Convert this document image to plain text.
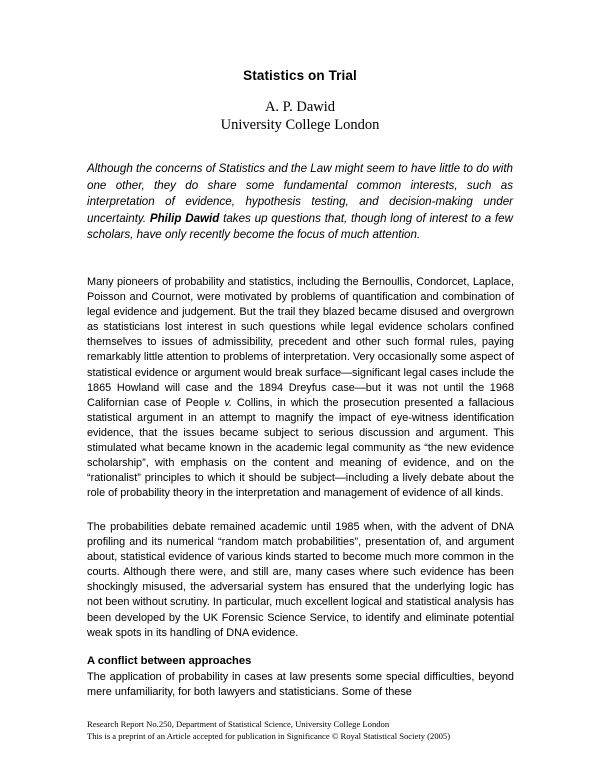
Statistics on Trial
A. P. Dawid
University College London
Although the concerns of Statistics and the Law might seem to have little to do with one other, they do share some fundamental common interests, such as interpretation of evidence, hypothesis testing, and decision-making under uncertainty. Philip Dawid takes up questions that, though long of interest to a few scholars, have only recently become the focus of much attention.
Many pioneers of probability and statistics, including the Bernoullis, Condorcet, Laplace, Poisson and Cournot, were motivated by problems of quantification and combination of legal evidence and judgement. But the trail they blazed became disused and overgrown as statisticians lost interest in such questions while legal evidence scholars confined themselves to issues of admissibility, precedent and other such formal rules, paying remarkably little attention to problems of interpretation. Very occasionally some aspect of statistical evidence or argument would break surface—significant legal cases include the 1865 Howland will case and the 1894 Dreyfus case—but it was not until the 1968 Californian case of People v. Collins, in which the prosecution presented a fallacious statistical argument in an attempt to magnify the impact of eye-witness identification evidence, that the issues became subject to serious discussion and argument. This stimulated what became known in the academic legal community as “the new evidence scholarship”, with emphasis on the content and meaning of evidence, and on the “rationalist” principles to which it should be subject—including a lively debate about the role of probability theory in the interpretation and management of evidence of all kinds.
The probabilities debate remained academic until 1985 when, with the advent of DNA profiling and its numerical “random match probabilities”, presentation of, and argument about, statistical evidence of various kinds started to become much more common in the courts. Although there were, and still are, many cases where such evidence has been shockingly misused, the adversarial system has ensured that the underlying logic has not been without scrutiny. In particular, much excellent logical and statistical analysis has been developed by the UK Forensic Science Service, to identify and eliminate potential weak spots in its handling of DNA evidence.
A conflict between approaches
The application of probability in cases at law presents some special difficulties, beyond mere unfamiliarity, for both lawyers and statisticians. Some of these
Research Report No.250, Department of Statistical Science, University College London
This is a preprint of an Article accepted for publication in Significance © Royal Statistical Society (2005)
